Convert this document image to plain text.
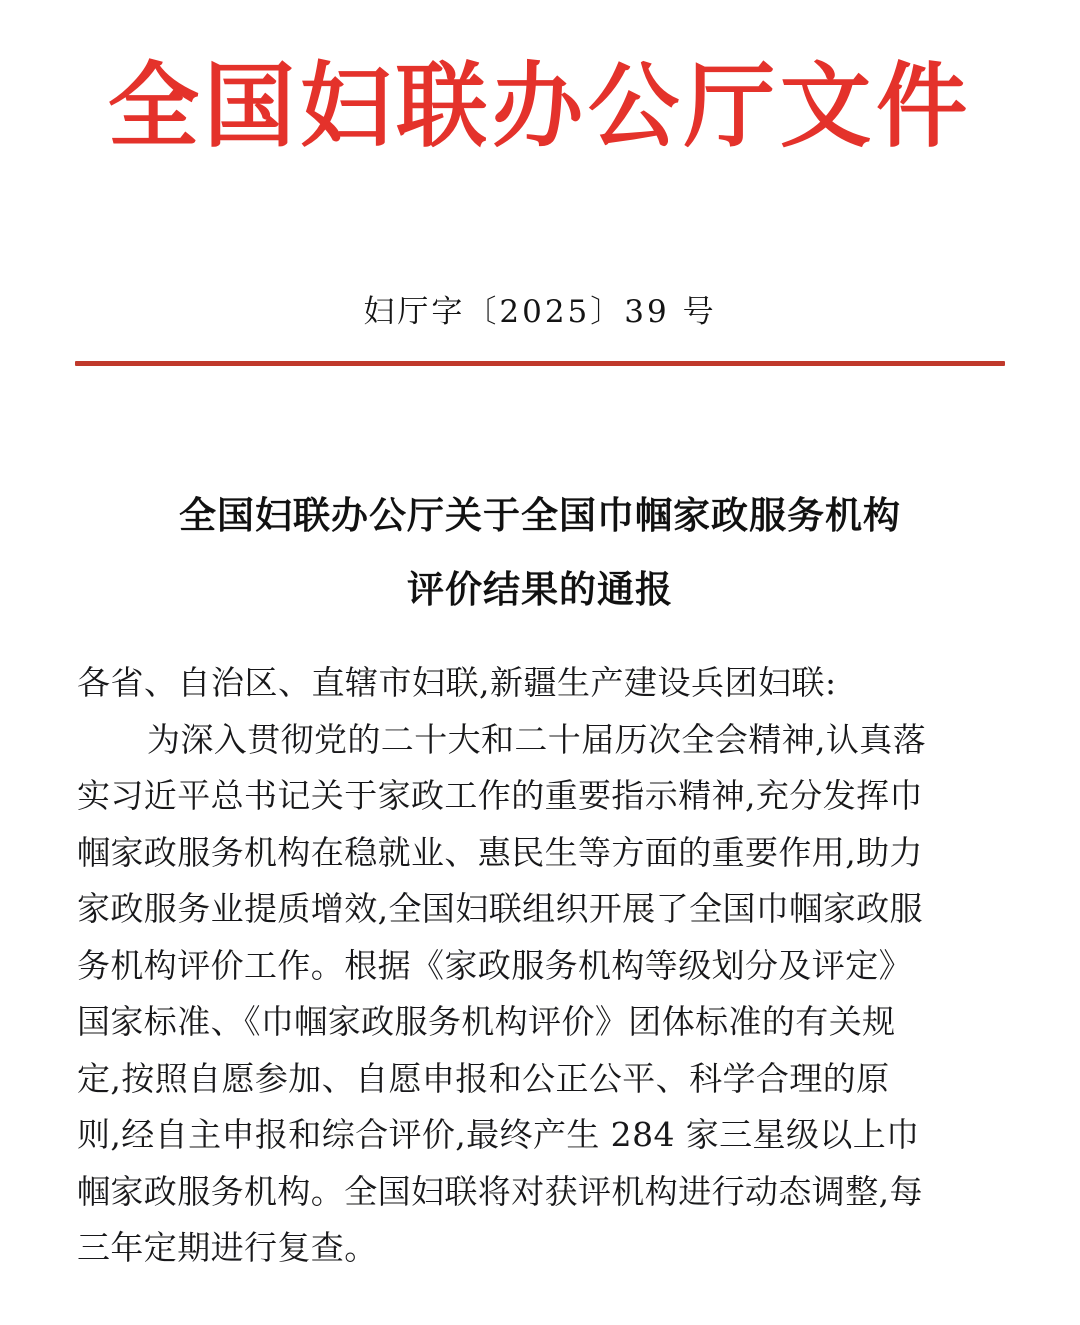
全国妇联办公厅文件
妇厅字〔2025〕39 号
全国妇联办公厅关于全国巾帼家政服务机构
评价结果的通报
各省、自治区、直辖市妇联,新疆生产建设兵团妇联:
为深入贯彻党的二十大和二十届历次全会精神,认真落
实习近平总书记关于家政工作的重要指示精神,充分发挥巾
帼家政服务机构在稳就业、惠民生等方面的重要作用,助力
家政服务业提质增效,全国妇联组织开展了全国巾帼家政服
务机构评价工作。根据《家政服务机构等级划分及评定》
国家标准、《巾帼家政服务机构评价》团体标准的有关规
定,按照自愿参加、自愿申报和公正公平、科学合理的原
则,经自主申报和综合评价,最终产生 284 家三星级以上巾
帼家政服务机构。全国妇联将对获评机构进行动态调整,每
三年定期进行复查。
